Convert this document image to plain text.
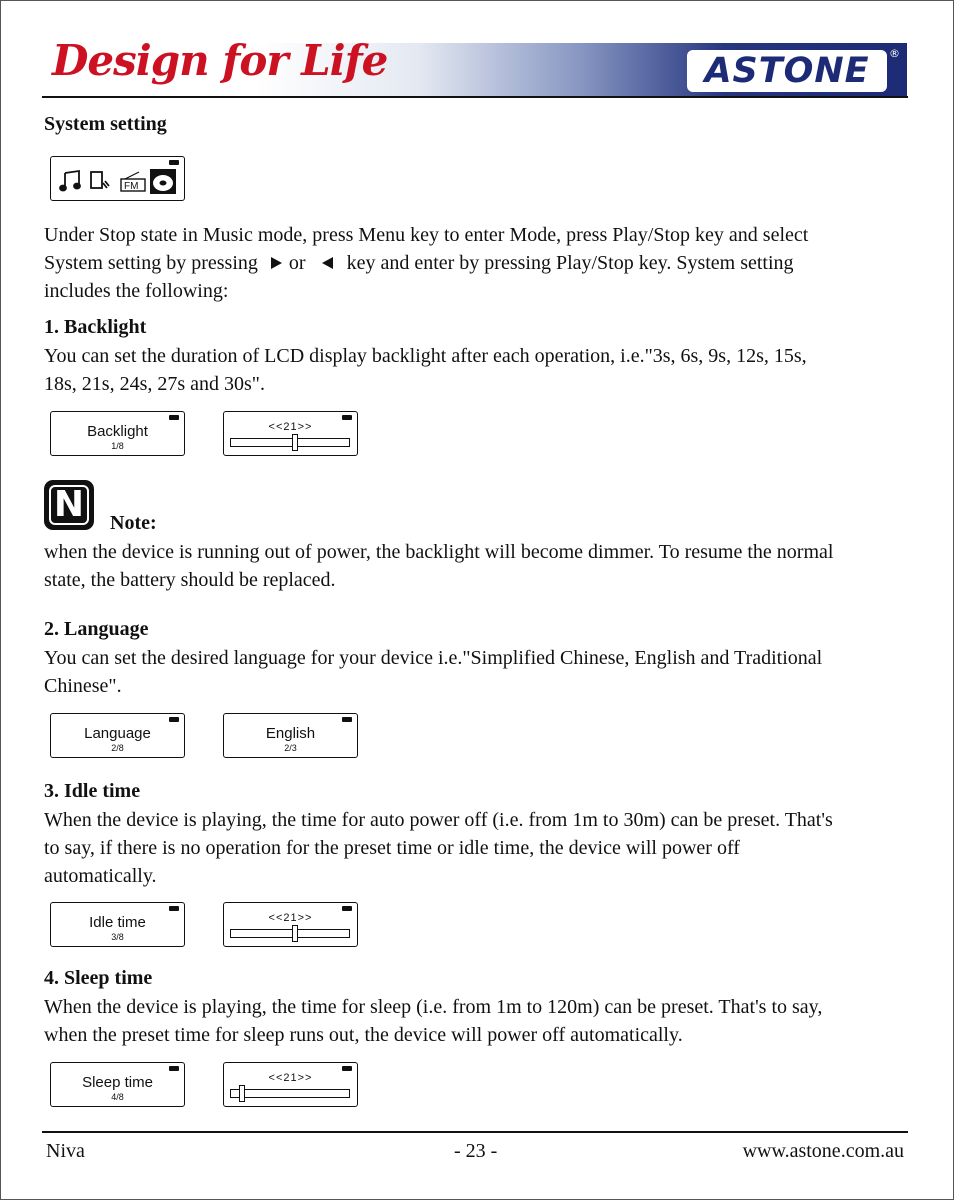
Design for Life	ASTONE	®
System setting
FM
Under Stop state in Music mode, press Menu key to enter Mode, press Play/Stop key and select
System setting by pressing or key and enter by pressing Play/Stop key. System setting
includes the following:
1. Backlight
You can set the duration of LCD display backlight after each operation, i.e."3s, 6s, 9s, 12s, 15s,
18s, 21s, 24s, 27s and 30s".
Backlight
1/8
<<21>>
N	Note:
when the device is running out of power, the backlight will become dimmer. To resume the normal
state, the battery should be replaced.
2. Language
You can set the desired language for your device i.e."Simplified Chinese, English and Traditional
Chinese".
Language
2/8
English
2/3
3. Idle time
When the device is playing, the time for auto power off (i.e. from 1m to 30m) can be preset. That's
to say, if there is no operation for the preset time or idle time, the device will power off
automatically.
Idle time
3/8
<<21>>
4. Sleep time
When the device is playing, the time for sleep (i.e. from 1m to 120m) can be preset. That's to say,
when the preset time for sleep runs out, the device will power off automatically.
Sleep time
4/8
<<21>>
Niva	- 23 -	www.astone.com.au
